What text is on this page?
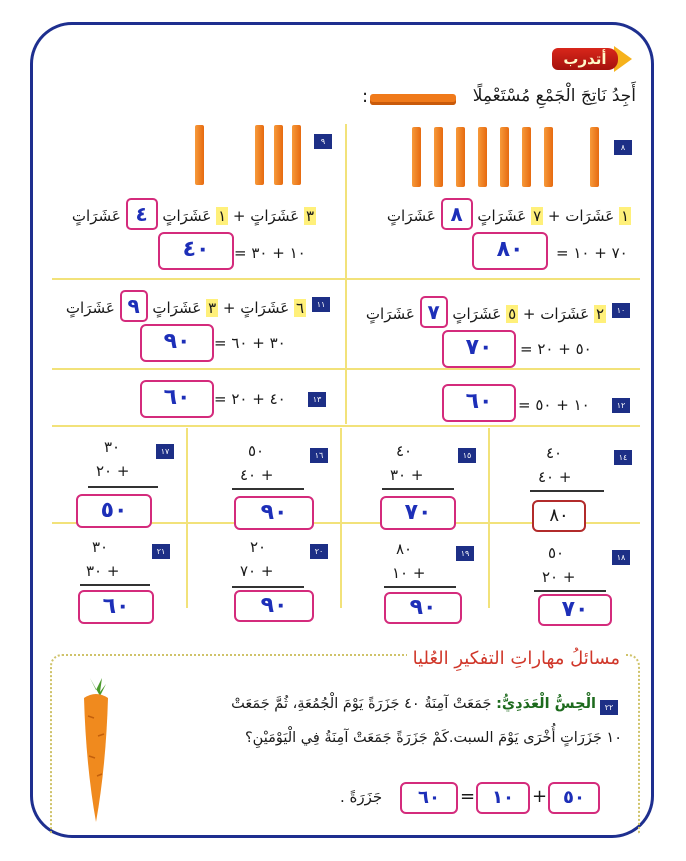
أتدرب
أَجِدُ نَاتِجَ الْجَمْعِ مُسْتَعْمِلًا
:
٨
١ عَشَرَات + ٧ عَشَرَاتٍ ٨ عَشَرَاتٍ
= ٧٠ + ١٠
٨٠
٩
٣ عَشَرَاتٍ + ١ عَشَرَاتٍ ٤ عَشَرَاتٍ
= ١٠ + ٣٠
٤٠
١٠
٢ عَشَرَات + ٥ عَشَرَاتٍ ٧ عَشَرَاتٍ
= ٥٠ + ٢٠
٧٠
١١
٦ عَشَرَاتٍ + ٣ عَشَرَاتٍ ٩ عَشَرَاتٍ
= ٣٠ + ٦٠
٩٠
١٢
= ١٠ + ٥٠
٦٠
١٣
= ٤٠ + ٢٠
٦٠
١٤
٤٠
٤٠ +
٨٠
١٥
٤٠
٣٠ +
٧٠
١٦
٥٠
٤٠ +
٩٠
١٧
٣٠
٢٠ +
٥٠
١٨
٥٠
٢٠ +
٧٠
١٩
٨٠
١٠ +
٩٠
٢٠
٢٠
٧٠ +
٩٠
٢١
٣٠
٣٠ +
٦٠
مسائلُ مهاراتِ التفكيرِ العُليا
٢٢
الْحِسُّ الْعَدَدِيُّ: جَمَعَتْ آمِنَةُ ٤٠ جَزَرَةً يَوْمَ الْجُمُعَةِ، ثُمَّ جَمَعَتْ
١٠ جَزَرَاتٍ أُخْرَى يَوْمَ السبت.كَمْ جَزَرَةً جَمَعَتْ آمِنَةُ فِي الْيَوْمَيْنِ؟
٥٠
+
١٠
=
٦٠
جَزَرَةً .
